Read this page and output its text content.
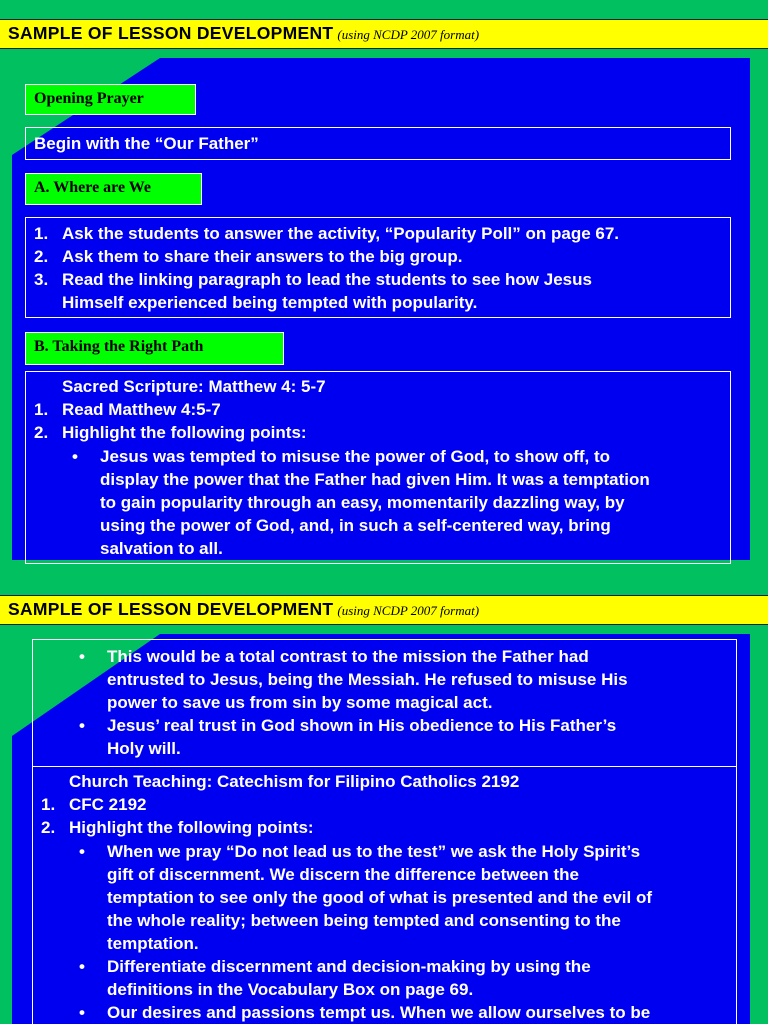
SAMPLE OF LESSON DEVELOPMENT (using NCDP 2007 format)
Opening Prayer
Begin with the “Our Father”
A. Where are We
1. Ask the students to answer the activity, “Popularity Poll” on page 67.
2. Ask them to share their answers to the big group.
3. Read the linking paragraph to lead the students to see how Jesus
Himself experienced being tempted with popularity.
B. Taking the Right Path
Sacred Scripture: Matthew 4: 5-7
1. Read Matthew 4:5-7
2. Highlight the following points:
• Jesus was tempted to misuse the power of God, to show off, to
display the power that the Father had given Him. It was a temptation
to gain popularity through an easy, momentarily dazzling way, by
using the power of God, and, in such a self-centered way, bring
salvation to all.
SAMPLE OF LESSON DEVELOPMENT (using NCDP 2007 format)
• This would be a total contrast to the mission the Father had
entrusted to Jesus, being the Messiah. He refused to misuse His
power to save us from sin by some magical act.
• Jesus’ real trust in God shown in His obedience to His Father’s
Holy will.
Church Teaching: Catechism for Filipino Catholics 2192
1. CFC 2192
2. Highlight the following points:
• When we pray “Do not lead us to the test” we ask the Holy Spirit’s
gift of discernment. We discern the difference between the
temptation to see only the good of what is presented and the evil of
the whole reality; between being tempted and consenting to the
temptation.
• Differentiate discernment and decision-making by using the
definitions in the Vocabulary Box on page 69.
• Our desires and passions tempt us. When we allow ourselves to be
